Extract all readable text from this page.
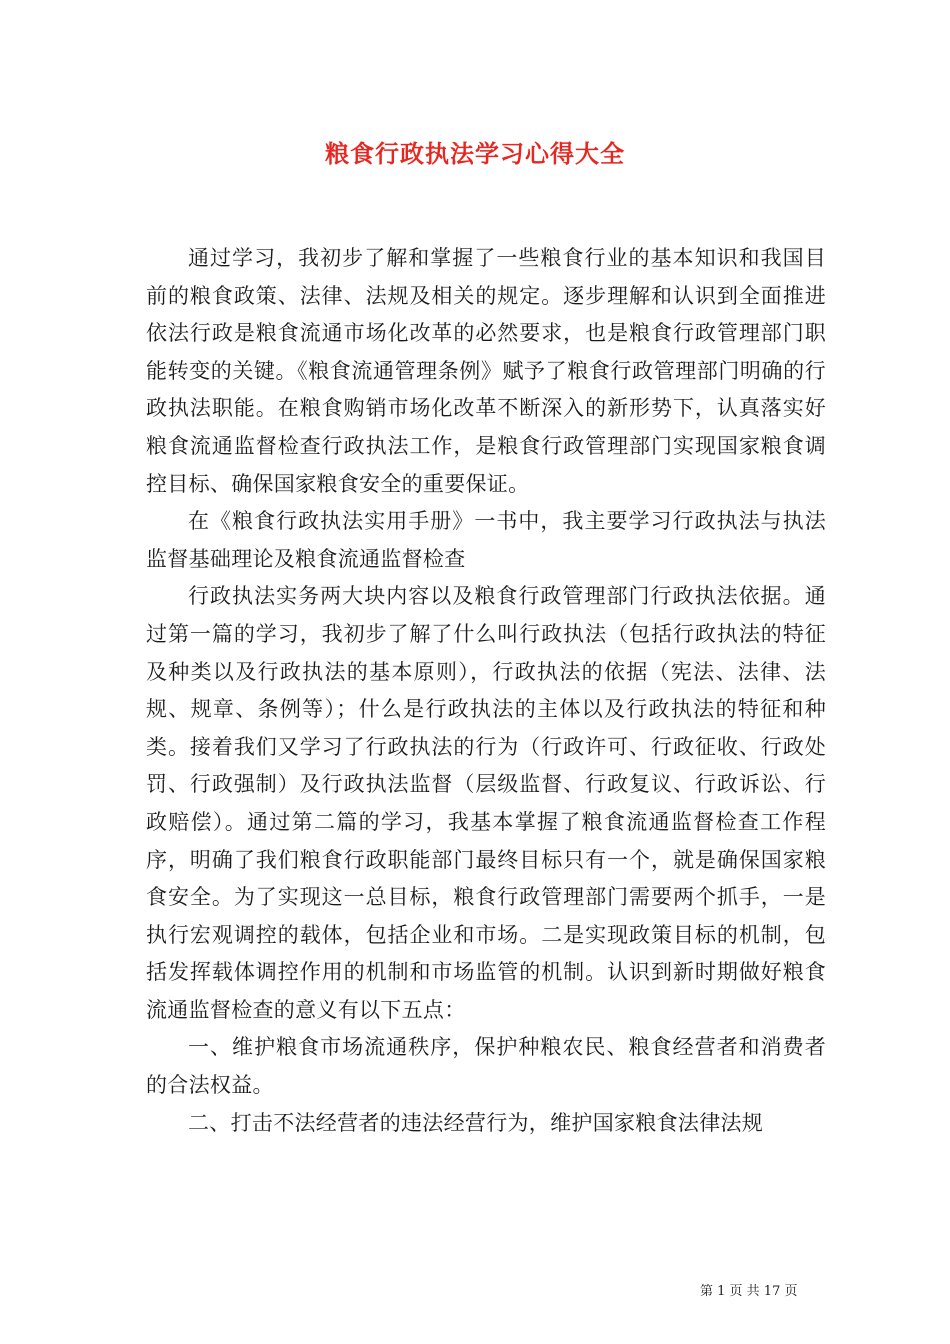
粮食行政执法学习心得大全

通过学习，我初步了解和掌握了一些粮食行业的基本知识和我国目前的粮食政策、法律、法规及相关的规定。逐步理解和认识到全面推进依法行政是粮食流通市场化改革的必然要求，也是粮食行政管理部门职能转变的关键。《粮食流通管理条例》赋予了粮食行政管理部门明确的行政执法职能。在粮食购销市场化改革不断深入的新形势下，认真落实好粮食流通监督检查行政执法工作，是粮食行政管理部门实现国家粮食调控目标、确保国家粮食安全的重要保证。

在《粮食行政执法实用手册》一书中，我主要学习行政执法与执法监督基础理论及粮食流通监督检查

行政执法实务两大块内容以及粮食行政管理部门行政执法依据。通过第一篇的学习，我初步了解了什么叫行政执法（包括行政执法的特征及种类以及行政执法的基本原则），行政执法的依据（宪法、法律、法规、规章、条例等）；什么是行政执法的主体以及行政执法的特征和种类。接着我们又学习了行政执法的行为（行政许可、行政征收、行政处罚、行政强制）及行政执法监督（层级监督、行政复议、行政诉讼、行政赔偿）。通过第二篇的学习，我基本掌握了粮食流通监督检查工作程序，明确了我们粮食行政职能部门最终目标只有一个，就是确保国家粮食安全。为了实现这一总目标，粮食行政管理部门需要两个抓手，一是执行宏观调控的载体，包括企业和市场。二是实现政策目标的机制，包括发挥载体调控作用的机制和市场监管的机制。认识到新时期做好粮食流通监督检查的意义有以下五点：

一、维护粮食市场流通秩序，保护种粮农民、粮食经营者和消费者的合法权益。

二、打击不法经营者的违法经营行为，维护国家粮食法律法规

第 1 页 共 17 页
